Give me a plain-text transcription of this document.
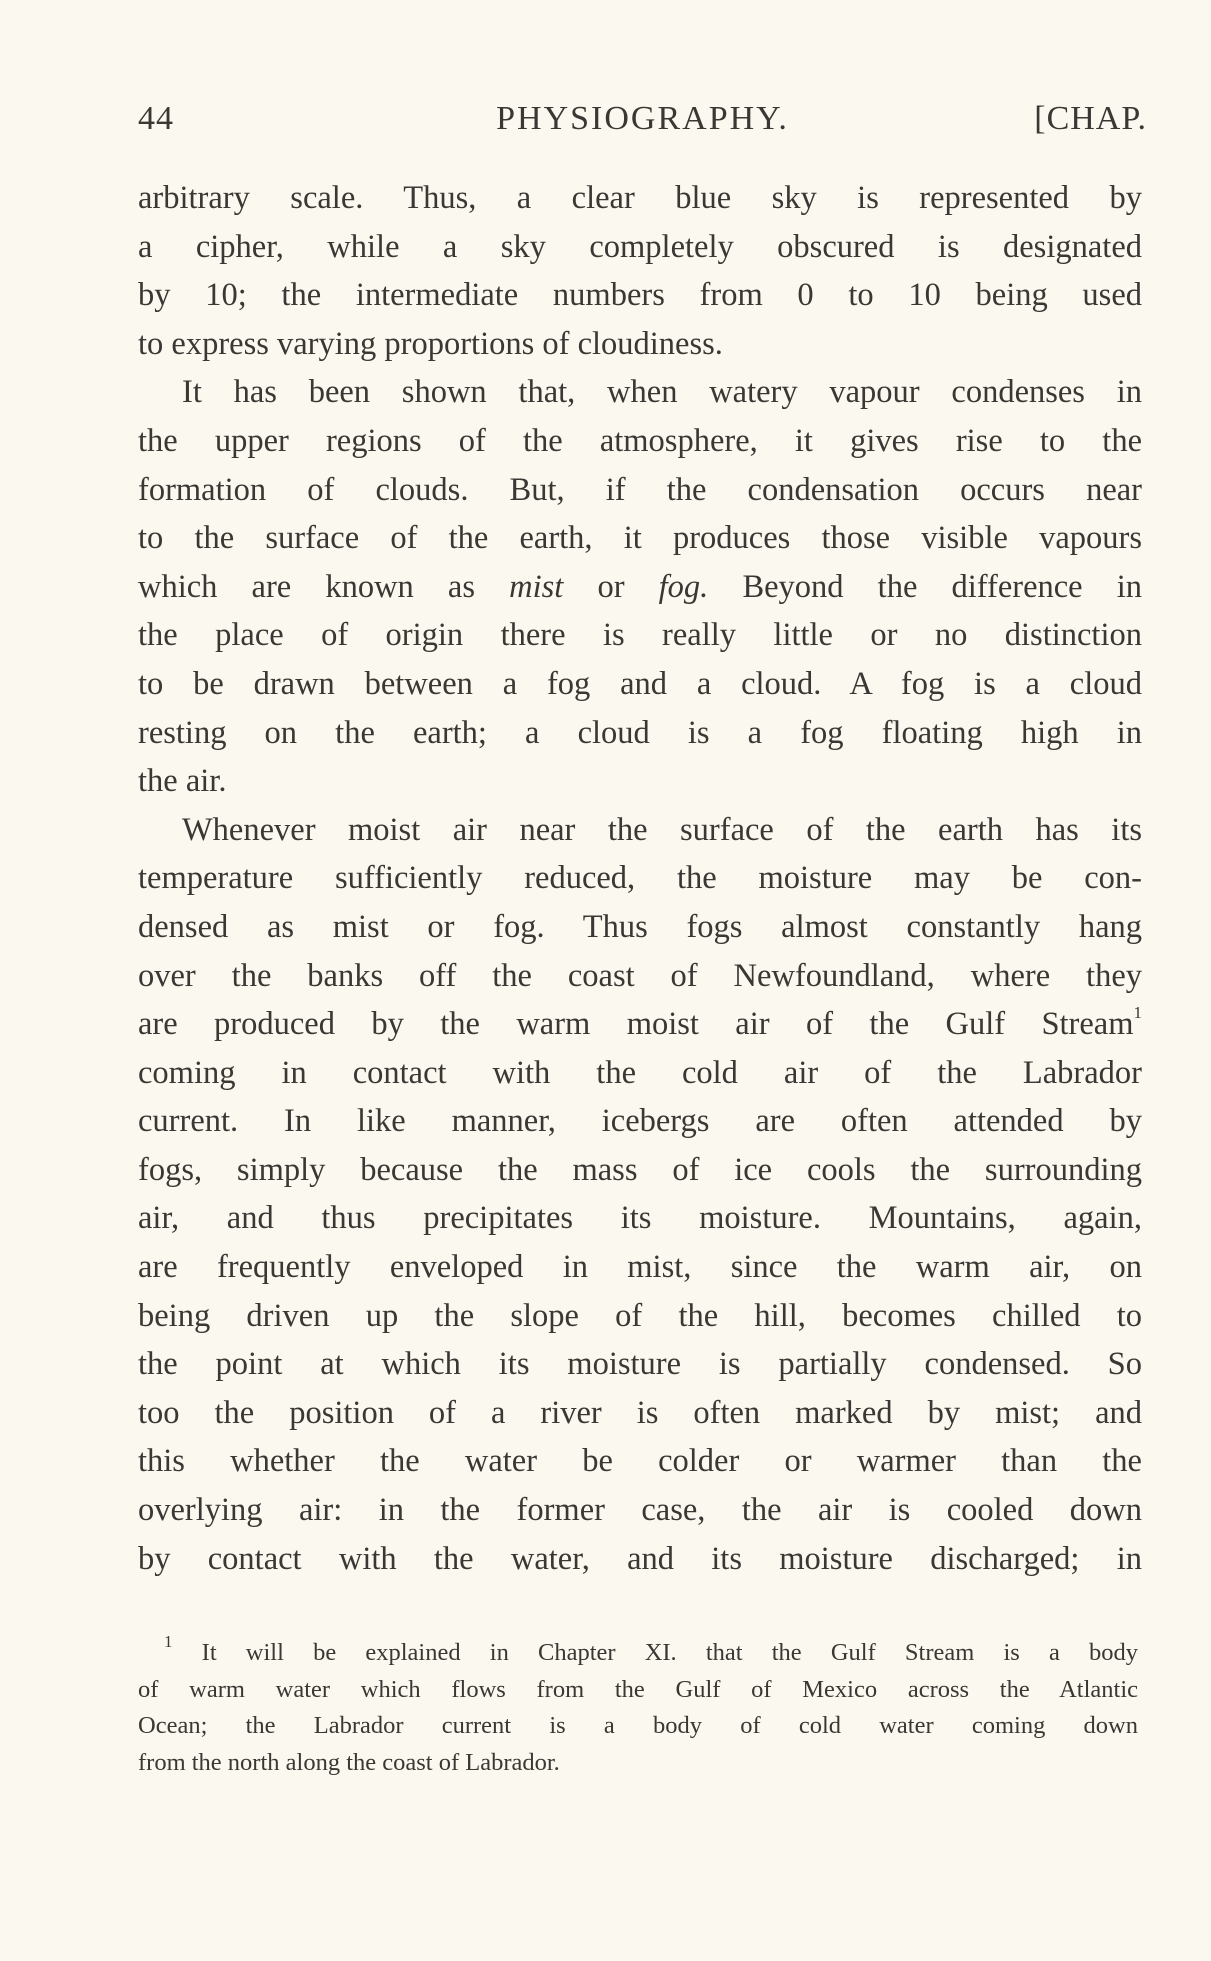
44	PHYSIOGRAPHY.	[CHAP.
arbitrary scale. Thus, a clear blue sky is represented by
a cipher, while a sky completely obscured is designated
by 10; the intermediate numbers from 0 to 10 being used
to express varying proportions of cloudiness.
It has been shown that, when watery vapour condenses in
the upper regions of the atmosphere, it gives rise to the
formation of clouds. But, if the condensation occurs near
to the surface of the earth, it produces those visible vapours
which are known as mist or fog. Beyond the difference in
the place of origin there is really little or no distinction
to be drawn between a fog and a cloud. A fog is a cloud
resting on the earth; a cloud is a fog floating high in
the air.
Whenever moist air near the surface of the earth has its
temperature sufficiently reduced, the moisture may be con-
densed as mist or fog. Thus fogs almost constantly hang
over the banks off the coast of Newfoundland, where they
are produced by the warm moist air of the Gulf Stream$^1$
coming in contact with the cold air of the Labrador
current. In like manner, icebergs are often attended by
fogs, simply because the mass of ice cools the surrounding
air, and thus precipitates its moisture. Mountains, again,
are frequently enveloped in mist, since the warm air, on
being driven up the slope of the hill, becomes chilled to
the point at which its moisture is partially condensed. So
too the position of a river is often marked by mist; and
this whether the water be colder or warmer than the
overlying air: in the former case, the air is cooled down
by contact with the water, and its moisture discharged; in
$^1$ It will be explained in Chapter XI. that the Gulf Stream is a body
of warm water which flows from the Gulf of Mexico across the Atlantic
Ocean; the Labrador current is a body of cold water coming down
from the north along the coast of Labrador.
